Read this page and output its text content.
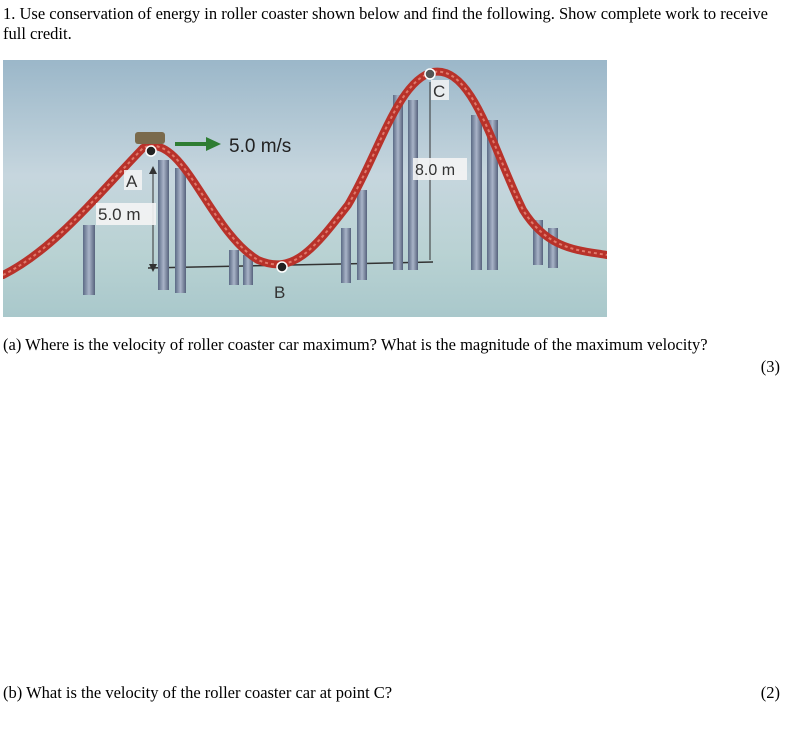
1. Use conservation of energy in roller coaster shown below and find the following. Show complete work to receive full credit.
5.0 m/s
A
B
C
5.0 m
8.0 m
(a) Where is the velocity of roller coaster car maximum? What is the magnitude of the maximum velocity?
(3)
(b) What is the velocity of the roller coaster car at point C?	(2)
